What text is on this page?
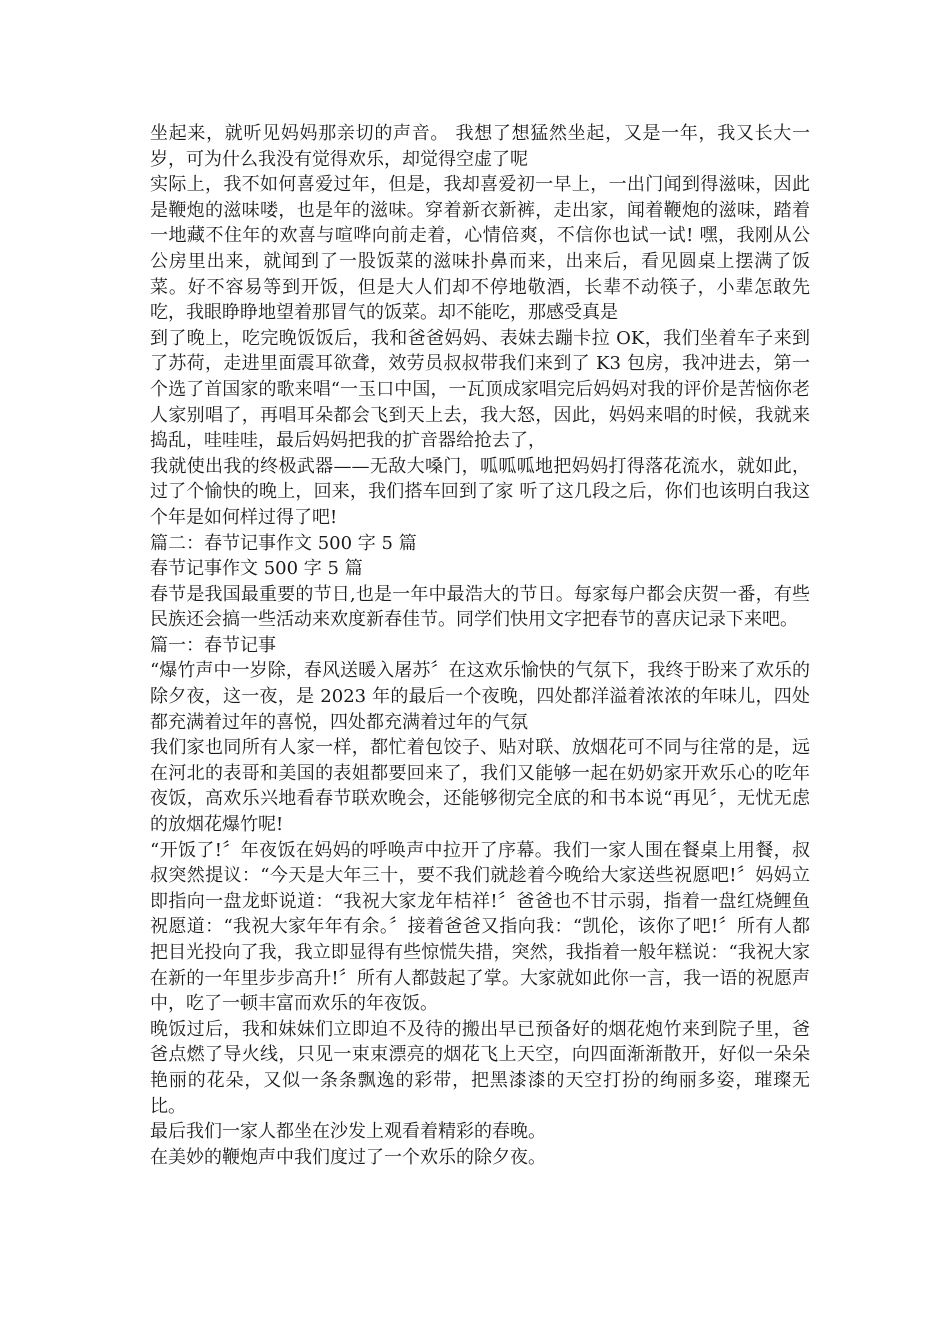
坐起来，就听见妈妈那亲切的声音。 我想了想猛然坐起，又是一年，我又长大一岁，可为什么我没有觉得欢乐，却觉得空虚了呢

实际上，我不如何喜爱过年，但是，我却喜爱初一早上，一出门闻到得滋味，因此是鞭炮的滋味喽，也是年的滋味。穿着新衣新裤，走出家，闻着鞭炮的滋味，踏着一地藏不住年的欢喜与喧哗向前走着，心情倍爽，不信你也试一试! 嘿，我刚从公公房里出来，就闻到了一股饭菜的滋味扑鼻而来，出来后，看见圆桌上摆满了饭菜。好不容易等到开饭，但是大人们却不停地敬酒，长辈不动筷子，小辈怎敢先吃，我眼睁睁地望着那冒气的饭菜。却不能吃，那感受真是

到了晚上，吃完晚饭饭后，我和爸爸妈妈、表妹去蹦卡拉 OK，我们坐着车子来到了苏荷，走进里面震耳欲聋，效劳员叔叔带我们来到了 K3 包房，我冲进去，第一个选了首国家的歌来唱“一玉口中国，一瓦顶成家唱完后妈妈对我的评价是苦恼你老人家别唱了，再唱耳朵都会飞到天上去，我大怒，因此，妈妈来唱的时候，我就来捣乱，哇哇哇，最后妈妈把我的扩音器给抢去了，

我就使出我的终极武器——无敌大嗓门，呱呱呱地把妈妈打得落花流水，就如此，过了个愉快的晚上，回来，我们搭车回到了家 听了这几段之后，你们也该明白我这个年是如何样过得了吧!

篇二：春节记事作文 500 字 5 篇

春节记事作文 500 字 5 篇

春节是我国最重要的节日,也是一年中最浩大的节日。每家每户都会庆贺一番，有些民族还会搞一些活动来欢度新春佳节。同学们快用文字把春节的喜庆记录下来吧。

篇一：春节记事

“爆竹声中一岁除，春风送暖入屠苏〞在这欢乐愉快的气氛下，我终于盼来了欢乐的除夕夜，这一夜，是 2023 年的最后一个夜晚，四处都洋溢着浓浓的年味儿，四处都充满着过年的喜悦，四处都充满着过年的气氛

我们家也同所有人家一样，都忙着包饺子、贴对联、放烟花可不同与往常的是，远在河北的表哥和美国的表姐都要回来了，我们又能够一起在奶奶家开欢乐心的吃年夜饭，高欢乐兴地看春节联欢晚会，还能够彻完全底的和书本说“再见〞，无忧无虑的放烟花爆竹呢!

“开饭了!〞年夜饭在妈妈的呼唤声中拉开了序幕。我们一家人围在餐桌上用餐，叔叔突然提议：“今天是大年三十，要不我们就趁着今晚给大家送些祝愿吧!〞妈妈立即指向一盘龙虾说道：“我祝大家龙年桔祥!〞爸爸也不甘示弱，指着一盘红烧鲤鱼祝愿道：“我祝大家年年有余。〞接着爸爸又指向我：“凯伦，该你了吧!〞所有人都把目光投向了我，我立即显得有些惊慌失措，突然，我指着一般年糕说：“我祝大家在新的一年里步步高升!〞所有人都鼓起了掌。大家就如此你一言，我一语的祝愿声中，吃了一顿丰富而欢乐的年夜饭。

晚饭过后，我和妹妹们立即迫不及待的搬出早已预备好的烟花炮竹来到院子里，爸爸点燃了导火线，只见一束束漂亮的烟花飞上天空，向四面渐渐散开，好似一朵朵艳丽的花朵，又似一条条飘逸的彩带，把黑漆漆的天空打扮的绚丽多姿，璀璨无比。

最后我们一家人都坐在沙发上观看着精彩的春晚。

在美妙的鞭炮声中我们度过了一个欢乐的除夕夜。
